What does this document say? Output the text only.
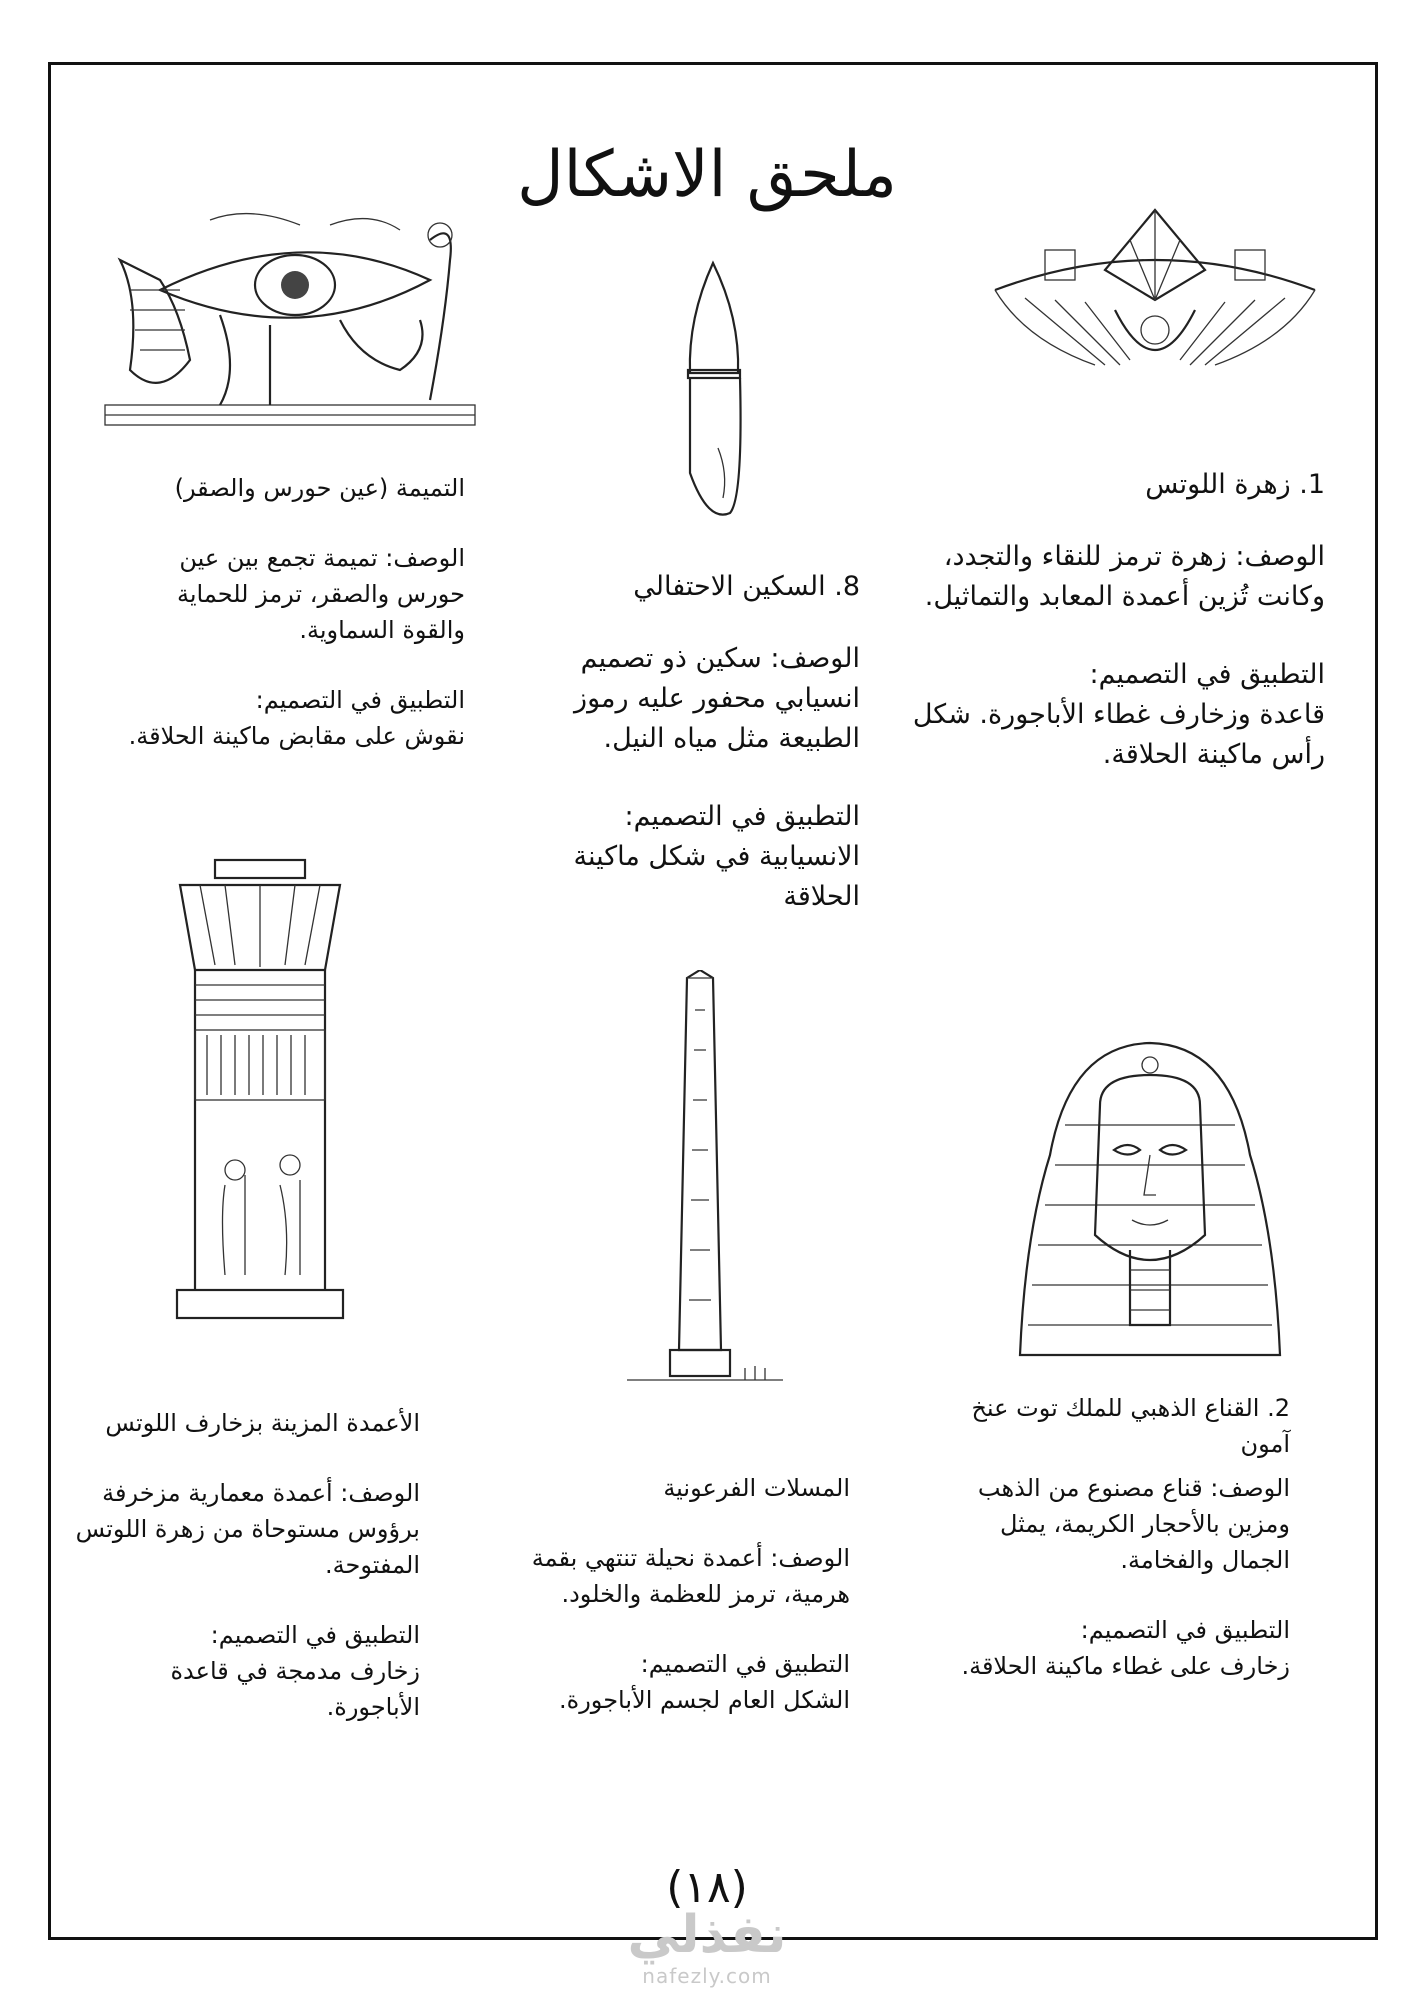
ملحق الاشكال

1. زهرة اللوتس

الوصف: زهرة ترمز للنقاء والتجدد، وكانت تُزين أعمدة المعابد والتماثيل.

التطبيق في التصميم:
قاعدة وزخارف غطاء الأباجورة. شكل رأس ماكينة الحلاقة.

8. السكين الاحتفالي

الوصف: سكين ذو تصميم انسيابي محفور عليه رموز الطبيعة مثل مياه النيل.

التطبيق في التصميم:
الانسيابية في شكل ماكينة الحلاقة

التميمة (عين حورس والصقر)

الوصف: تميمة تجمع بين عين حورس والصقر، ترمز للحماية والقوة السماوية.

التطبيق في التصميم:
نقوش على مقابض ماكينة الحلاقة.

2. القناع الذهبي للملك توت عنخ آمون

الوصف: قناع مصنوع من الذهب ومزين بالأحجار الكريمة، يمثل الجمال والفخامة.

التطبيق في التصميم:
زخارف على غطاء ماكينة الحلاقة.

المسلات الفرعونية

الوصف: أعمدة نحيلة تنتهي بقمة هرمية، ترمز للعظمة والخلود.

التطبيق في التصميم:
الشكل العام لجسم الأباجورة.

الأعمدة المزينة بزخارف اللوتس

الوصف: أعمدة معمارية مزخرفة برؤوس مستوحاة من زهرة اللوتس المفتوحة.

التطبيق في التصميم:
زخارف مدمجة في قاعدة الأباجورة.
(١٨)
نفذلي
nafezly.com
